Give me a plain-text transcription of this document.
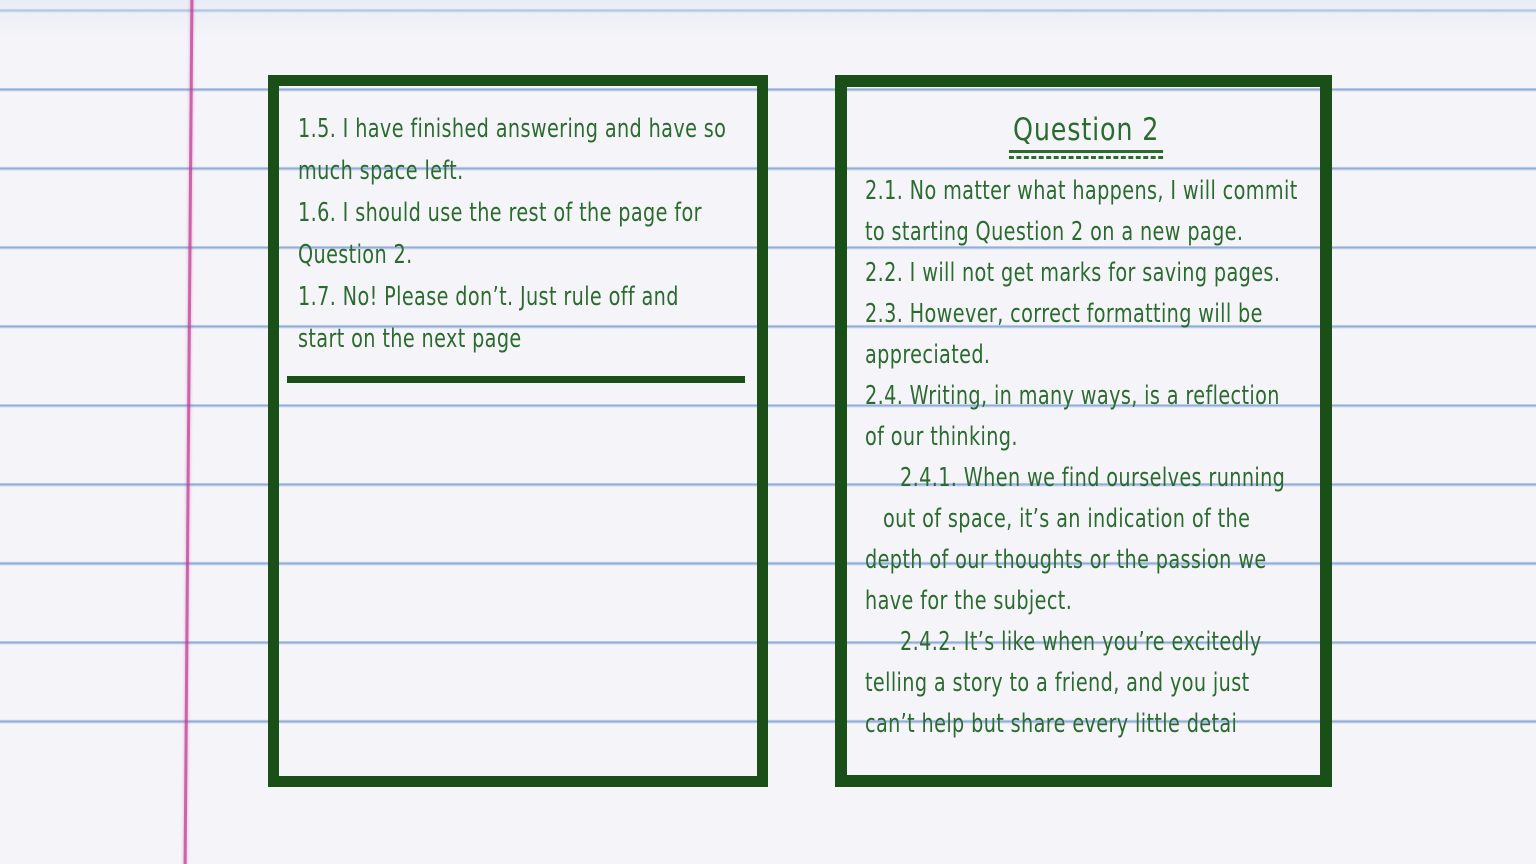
1.5. I have finished answering and have so
much space left.
1.6. I should use the rest of the page for
Question 2.
1.7. No! Please don’t. Just rule off and
start on the next page
Question 2
2.1. No matter what happens, I will commit
to starting Question 2 on a new page.
2.2. I will not get marks for saving pages.
2.3. However, correct formatting will be
appreciated.
2.4. Writing, in many ways, is a reflection
of our thinking.
2.4.1. When we find ourselves running
out of space, it’s an indication of the
depth of our thoughts or the passion we
have for the subject.
2.4.2. It’s like when you’re excitedly
telling a story to a friend, and you just
can’t help but share every little detai
